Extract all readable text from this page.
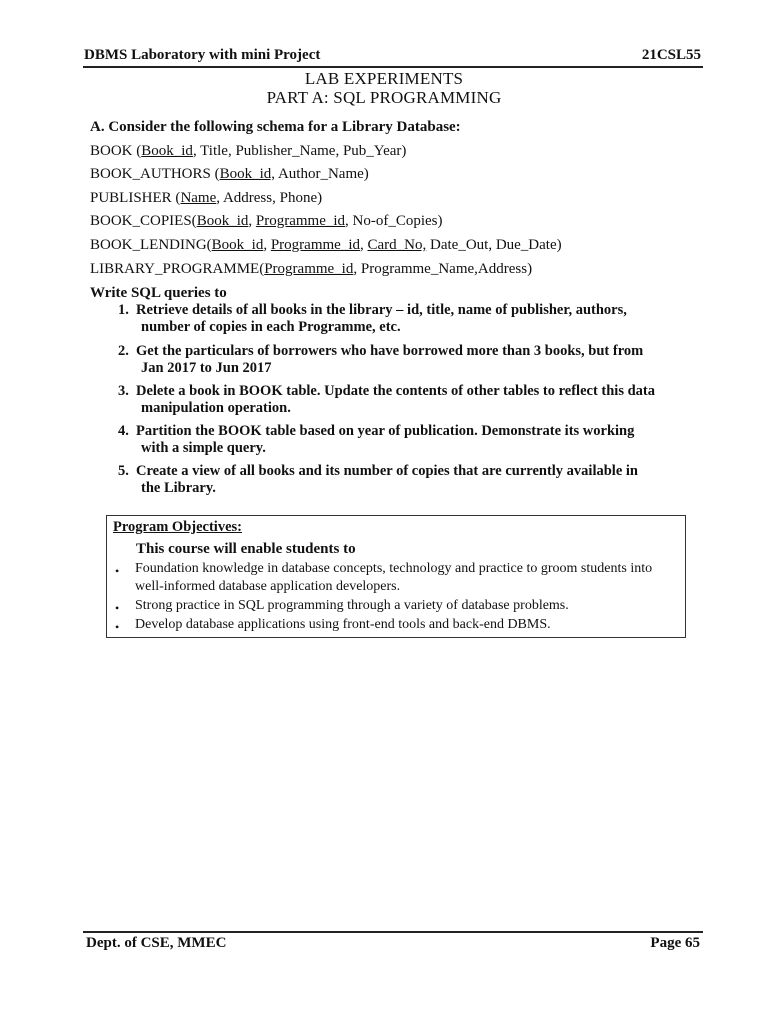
DBMS Laboratory with mini Project	21CSL55
LAB EXPERIMENTS
PART A: SQL PROGRAMMING
A. Consider the following schema for a Library Database:
BOOK (Book_id, Title, Publisher_Name, Pub_Year)
BOOK_AUTHORS (Book_id, Author_Name)
PUBLISHER (Name, Address, Phone)
BOOK_COPIES(Book_id, Programme_id, No-of_Copies)
BOOK_LENDING(Book_id, Programme_id, Card_No, Date_Out, Due_Date)
LIBRARY_PROGRAMME(Programme_id, Programme_Name,Address)
Write SQL queries to
1. Retrieve details of all books in the library – id, title, name of publisher, authors,
number of copies in each Programme, etc.
2. Get the particulars of borrowers who have borrowed more than 3 books, but from
Jan 2017 to Jun 2017
3. Delete a book in BOOK table. Update the contents of other tables to reflect this data
manipulation operation.
4. Partition the BOOK table based on year of publication. Demonstrate its working
with a simple query.
5. Create a view of all books and its number of copies that are currently available in
the Library.
Program Objectives:
This course will enable students to
• Foundation knowledge in database concepts, technology and practice to groom students into well-informed database application developers.
• Strong practice in SQL programming through a variety of database problems.
• Develop database applications using front-end tools and back-end DBMS.
Dept. of CSE, MMEC	Page 65
